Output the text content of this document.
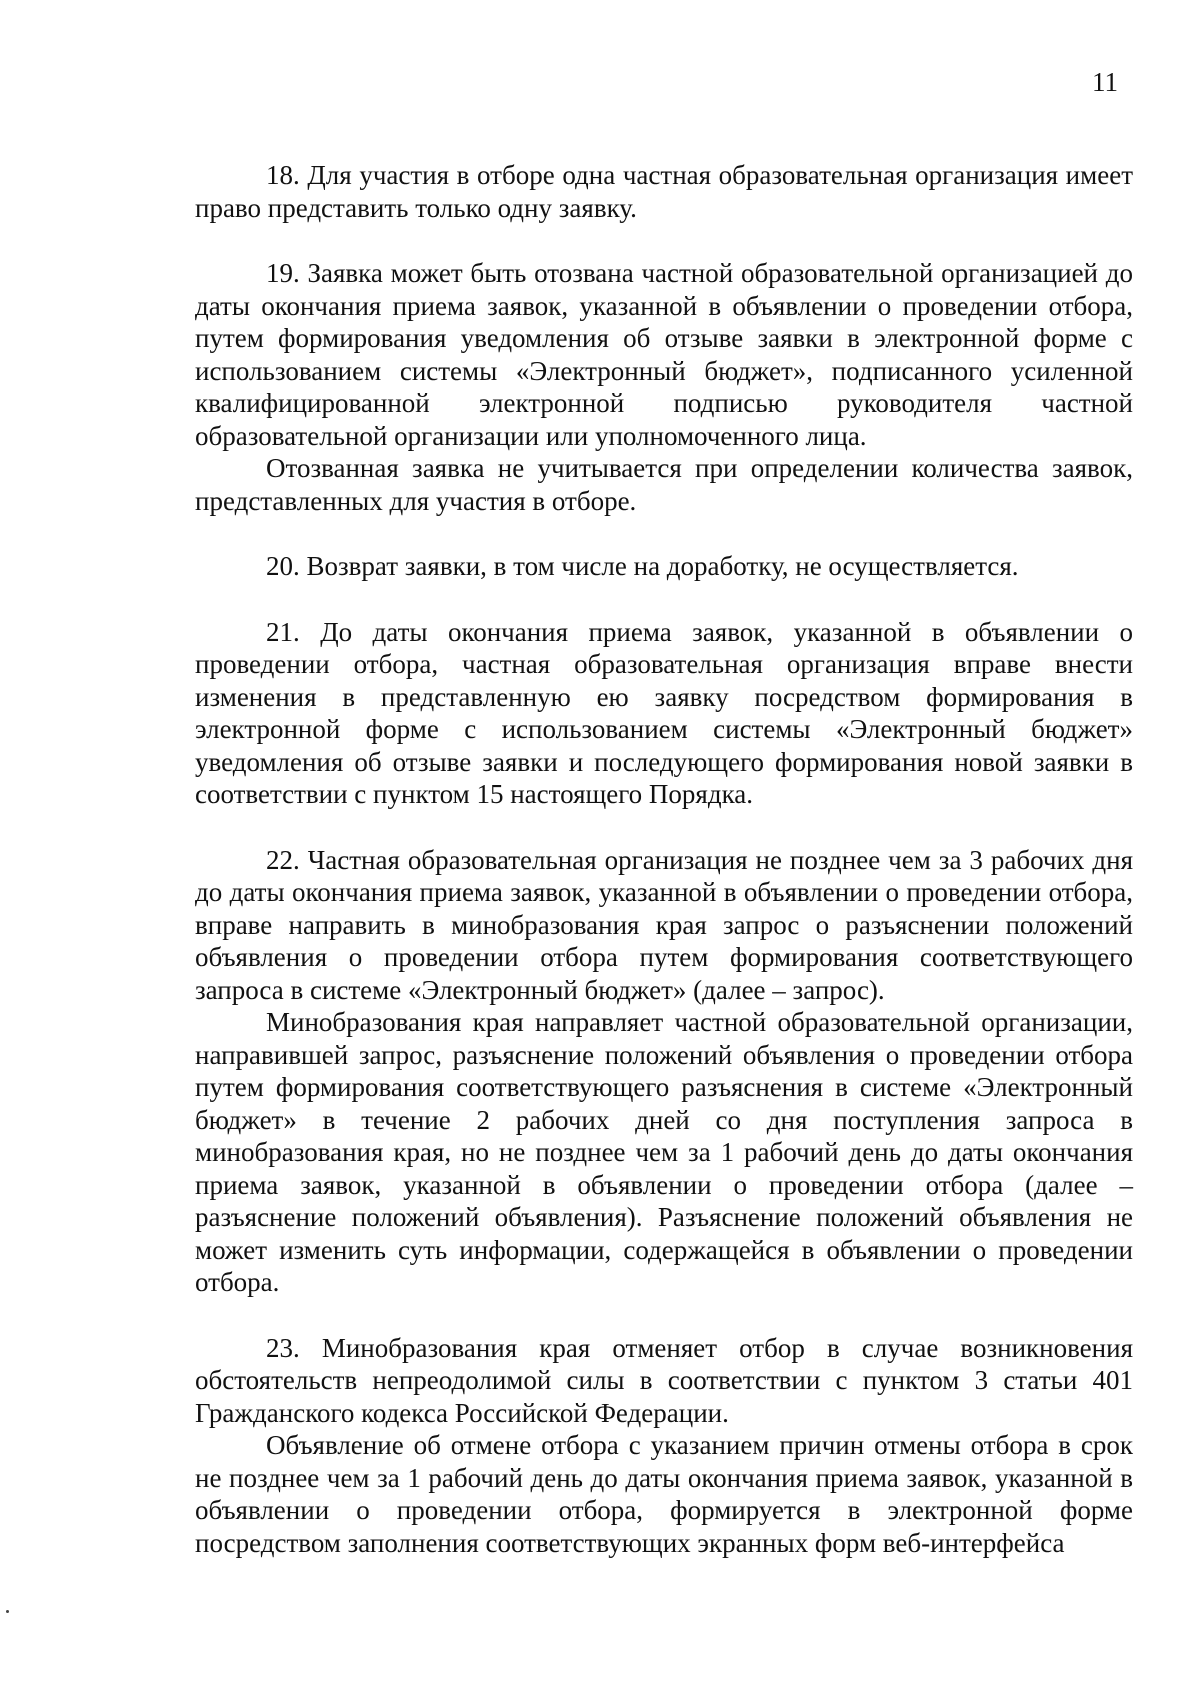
11

18. Для участия в отборе одна частная образовательная организация имеет право представить только одну заявку.

19. Заявка может быть отозвана частной образовательной организацией до даты окончания приема заявок, указанной в объявлении о проведении отбора, путем формирования уведомления об отзыве заявки в электронной форме с использованием системы «Электронный бюджет», подписанного усиленной квалифицированной электронной подписью руководителя частной образовательной организации или уполномоченного лица.

Отозванная заявка не учитывается при определении количества заявок, представленных для участия в отборе.

20. Возврат заявки, в том числе на доработку, не осуществляется.

21. До даты окончания приема заявок, указанной в объявлении о проведении отбора, частная образовательная организация вправе внести изменения в представленную ею заявку посредством формирования в электронной форме с использованием системы «Электронный бюджет» уведомления об отзыве заявки и последующего формирования новой заявки в соответствии с пунктом 15 настоящего Порядка.

22. Частная образовательная организация не позднее чем за 3 рабочих дня до даты окончания приема заявок, указанной в объявлении о проведении отбора, вправе направить в минобразования края запрос о разъяснении положений объявления о проведении отбора путем формирования соответствующего запроса в системе «Электронный бюджет» (далее – запрос).

Минобразования края направляет частной образовательной организации, направившей запрос, разъяснение положений объявления о проведении отбора путем формирования соответствующего разъяснения в системе «Электронный бюджет» в течение 2 рабочих дней со дня поступления запроса в минобразования края, но не позднее чем за 1 рабочий день до даты окончания приема заявок, указанной в объявлении о проведении отбора (далее – разъяснение положений объявления). Разъяснение положений объявления не может изменить суть информации, содержащейся в объявлении о проведении отбора.

23. Минобразования края отменяет отбор в случае возникновения обстоятельств непреодолимой силы в соответствии с пунктом 3 статьи 401 Гражданского кодекса Российской Федерации.

Объявление об отмене отбора с указанием причин отмены отбора в срок не позднее чем за 1 рабочий день до даты окончания приема заявок, указанной в объявлении о проведении отбора, формируется в электронной форме посредством заполнения соответствующих экранных форм веб-интерфейса
